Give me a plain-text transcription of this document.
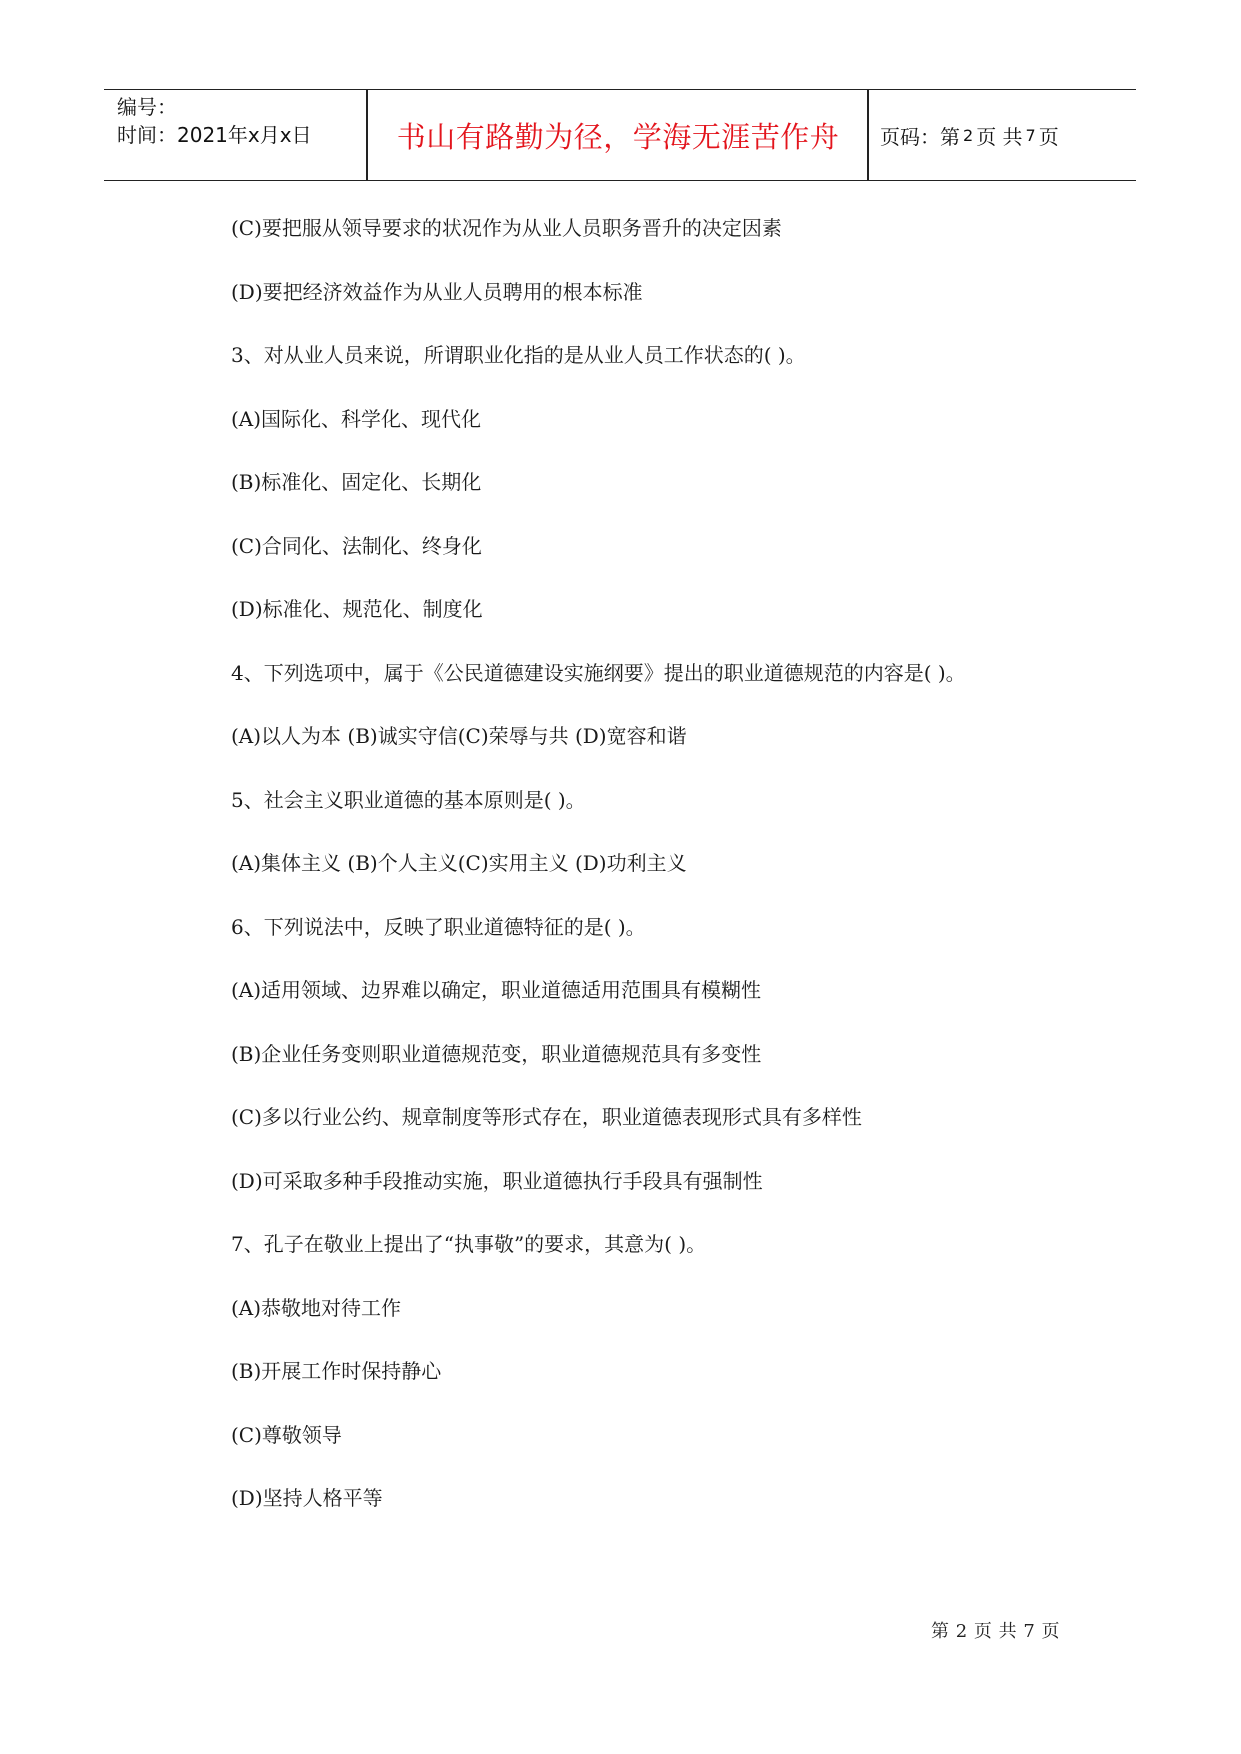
编号：
时间：2021年x月x日	书山有路勤为径，学海无涯苦作舟	页码：第 2 页 共 7 页
(C)要把服从领导要求的状况作为从业人员职务晋升的决定因素
(D)要把经济效益作为从业人员聘用的根本标准
3、对从业人员来说，所谓职业化指的是从业人员工作状态的( )。
(A)国际化、科学化、现代化
(B)标准化、固定化、长期化
(C)合同化、法制化、终身化
(D)标准化、规范化、制度化
4、下列选项中，属于《公民道德建设实施纲要》提出的职业道德规范的内容是( )。
(A)以人为本 (B)诚实守信(C)荣辱与共 (D)宽容和谐
5、社会主义职业道德的基本原则是( )。
(A)集体主义 (B)个人主义(C)实用主义 (D)功利主义
6、下列说法中，反映了职业道德特征的是( )。
(A)适用领域、边界难以确定，职业道德适用范围具有模糊性
(B)企业任务变则职业道德规范变，职业道德规范具有多变性
(C)多以行业公约、规章制度等形式存在，职业道德表现形式具有多样性
(D)可采取多种手段推动实施，职业道德执行手段具有强制性
7、孔子在敬业上提出了“执事敬”的要求，其意为( )。
(A)恭敬地对待工作
(B)开展工作时保持静心
(C)尊敬领导
(D)坚持人格平等
第 2 页 共 7 页
